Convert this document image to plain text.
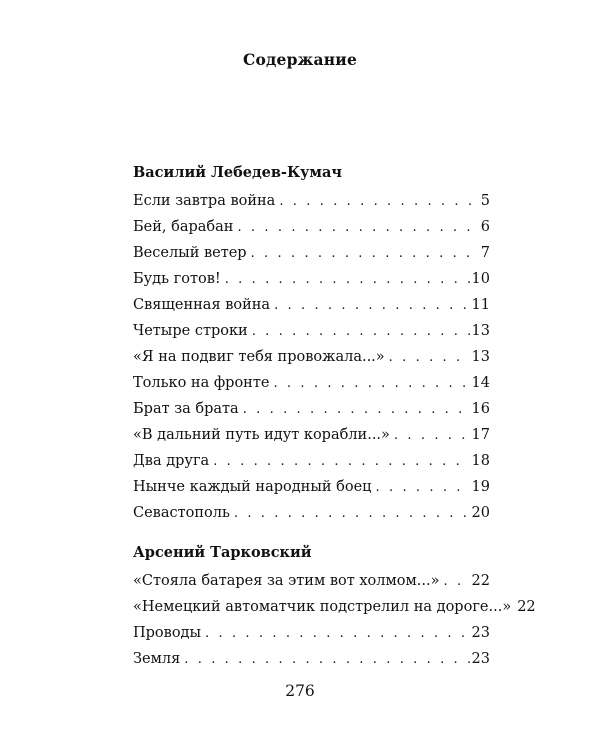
Содержание
Василий Лебедев-Кумач
Если завтра война . . .	5
Бей, барабан . . .	6
Веселый ветер . . .	7
Будь готов! . . .	10
Священная война . . .	11
Четыре строки . . .	13
«Я на подвиг тебя провожала...» . . .	13
Только на фронте . . .	14
Брат за брата . . .	16
«В дальний путь идут корабли...» . . .	17
Два друга . . .	18
Нынче каждый народный боец . . .	19
Севастополь . . .	20
Арсений Тарковский
«Стояла батарея за этим вот холмом...» . . . 22
«Немецкий автоматчик подстрелил на дороге...» 22
Проводы . . .	23
Земля . . .	23
276
